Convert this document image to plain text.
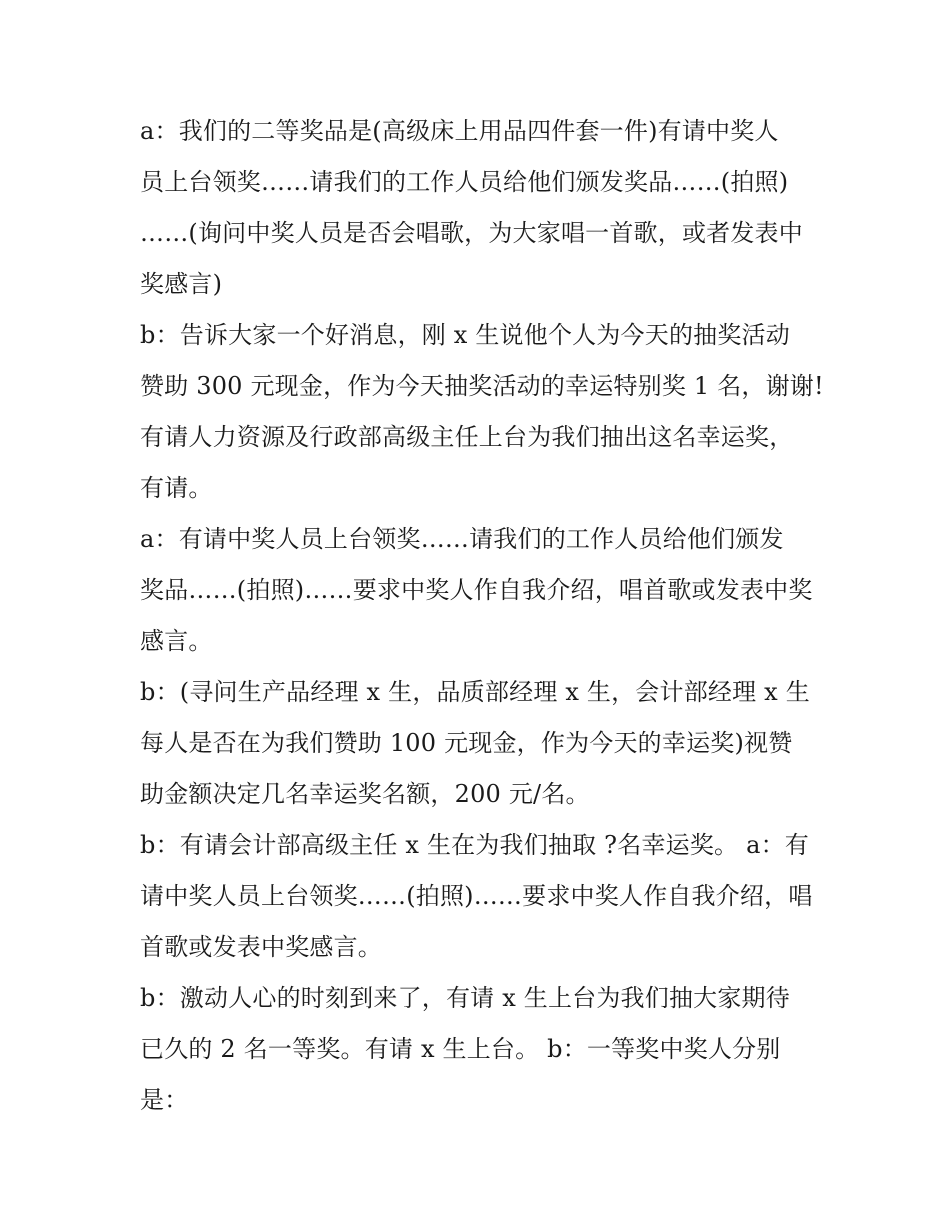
a：我们的二等奖品是(高级床上用品四件套一件)有请中奖人
员上台领奖……请我们的工作人员给他们颁发奖品……(拍照)
……(询问中奖人员是否会唱歌，为大家唱一首歌，或者发表中
奖感言)
b：告诉大家一个好消息，刚 x 生说他个人为今天的抽奖活动
赞助 300 元现金，作为今天抽奖活动的幸运特别奖 1 名，谢谢!
有请人力资源及行政部高级主任上台为我们抽出这名幸运奖，
有请。
a：有请中奖人员上台领奖……请我们的工作人员给他们颁发
奖品……(拍照)……要求中奖人作自我介绍，唱首歌或发表中奖
感言。
b：(寻问生产品经理 x 生，品质部经理 x 生，会计部经理 x 生
每人是否在为我们赞助 100 元现金，作为今天的幸运奖)视赞
助金额决定几名幸运奖名额，200 元/名。
b：有请会计部高级主任 x 生在为我们抽取 ?名幸运奖。 a：有
请中奖人员上台领奖……(拍照)……要求中奖人作自我介绍，唱
首歌或发表中奖感言。
b：激动人心的时刻到来了，有请 x 生上台为我们抽大家期待
已久的 2 名一等奖。有请 x 生上台。 b：一等奖中奖人分别
是：
